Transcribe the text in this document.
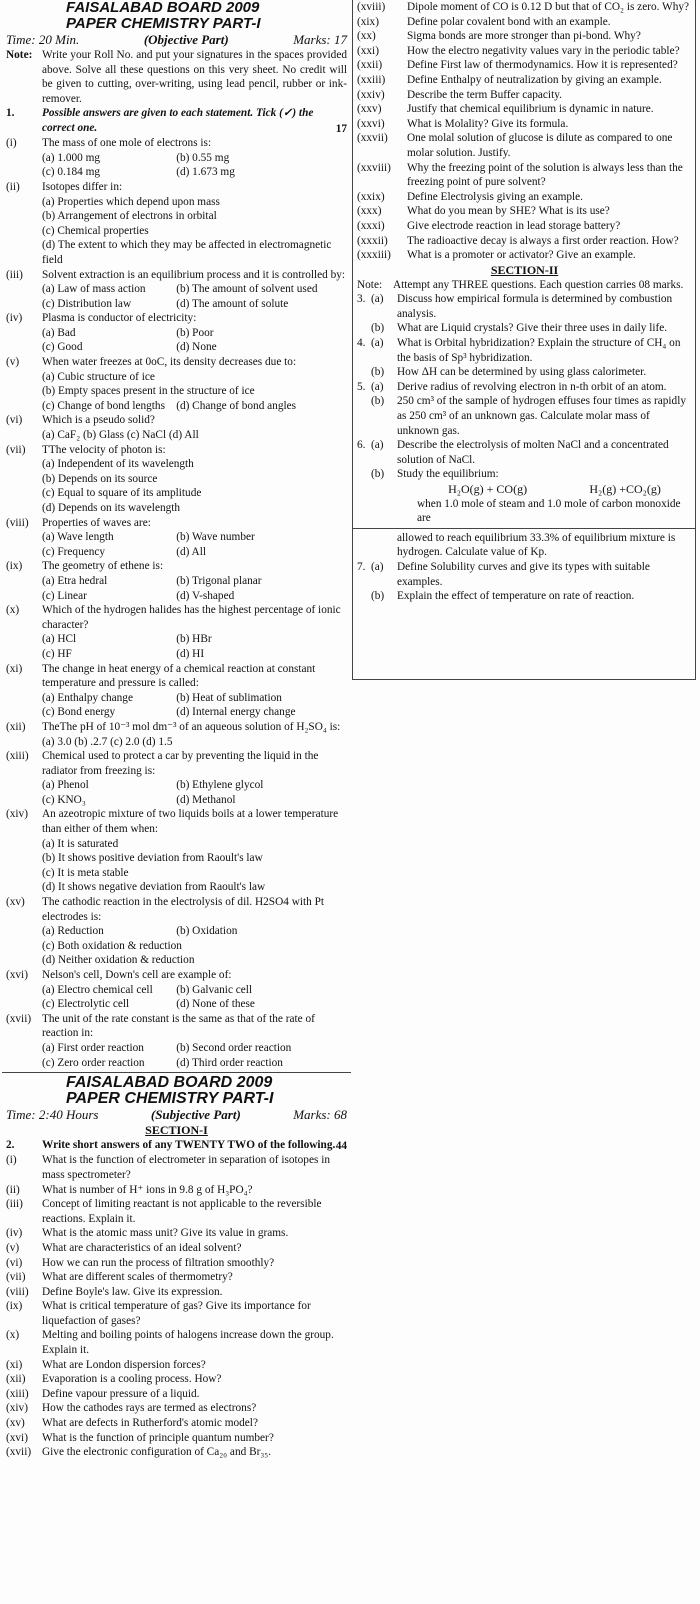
FAISALABAD BOARD 2009
PAPER CHEMISTRY PART-I
Time: 20 Min.	(Objective Part)	Marks: 17
Note: Write your Roll No. and put your signatures in the spaces provided above. Solve all these questions on this very sheet. No credit will be given to cutting, over-writing, using lead pencil, rubber or ink-remover.
1.	Possible answers are given to each statement. Tick (✓) the correct one.	17
(i)	The mass of one mole of electrons is:
(a) 1.000 mg	(b) 0.55 mg
(c) 0.184 mg	(d) 1.673 mg
(ii)	Isotopes differ in:
(a) Properties which depend upon mass
(b) Arrangement of electrons in orbital
(c) Chemical properties
(d) The extent to which they may be affected in electromagnetic field
(iii)	Solvent extraction is an equilibrium process and it is controlled by:
(a) Law of mass action	(b) The amount of solvent used
(c) Distribution law	(d) The amount of solute
(iv)	Plasma is conductor of electricity:
(a) Bad	(b) Poor
(c) Good	(d) None
(v)	When water freezes at 0oC, its density decreases due to:
(a) Cubic structure of ice
(b) Empty spaces present in the structure of ice
(c) Change of bond lengths (d) Change of bond angles
(vi)	Which is a pseudo solid?
(a) CaF₂ (b) Glass (c) NaCl (d) All
(vii)	TThe velocity of photon is:
(a) Independent of its wavelength
(b) Depends on its source
(c) Equal to square of its amplitude
(d) Depends on its wavelength
(viii)	Properties of waves are:
(a) Wave length	(b) Wave number
(c) Frequency	(d) All
(ix)	The geometry of ethene is:
(a) Etra hedral	(b) Trigonal planar
(c) Linear	(d) V-shaped
(x)	Which of the hydrogen halides has the highest percentage of ionic character?
(a) HCl	(b) HBr
(c) HF	(d) HI
(xi)	The change in heat energy of a chemical reaction at constant temperature and pressure is called:
(a) Enthalpy change	(b) Heat of sublimation
(c) Bond energy	(d) Internal energy change
(xii)	TheThe pH of 10⁻³ mol dm⁻³ of an aqueous solution of H₂SO₄ is:
(a) 3.0 (b) .2.7 (c) 2.0 (d) 1.5
(xiii)	Chemical used to protect a car by preventing the liquid in the radiator from freezing is:
(a) Phenol	(b) Ethylene glycol
(c) KNO₃	(d) Methanol
(xiv)	An azeotropic mixture of two liquids boils at a lower temperature than either of them when:
(a) It is saturated
(b) It shows positive deviation from Raoult's law
(c) It is meta stable
(d) It shows negative deviation from Raoult's law
(xv)	The cathodic reaction in the electrolysis of dil. H2SO4 with Pt electrodes is:
(a) Reduction	(b) Oxidation
(c) Both oxidation & reduction
(d) Neither oxidation & reduction
(xvi)	Nelson's cell, Down's cell are example of:
(a) Electro chemical cell	(b) Galvanic cell
(c) Electrolytic cell	(d) None of these
(xvii) The unit of the rate constant is the same as that of the rate of reaction in:
(a) First order reaction	(b) Second order reaction
(c) Zero order reaction	(d) Third order reaction
FAISALABAD BOARD 2009
PAPER CHEMISTRY PART-I
Time: 2:40 Hours	(Subjective Part)	Marks: 68
SECTION-I
2.	Write short answers of any TWENTY TWO of the following. 44
(i)	What is the function of electrometer in separation of isotopes in mass spectrometer?
(ii)	What is number of H⁺ ions in 9.8 g of H₃PO₄?
(iii)	Concept of limiting reactant is not applicable to the reversible reactions. Explain it.
(iv)	What is the atomic mass unit? Give its value in grams.
(v)	What are characteristics of an ideal solvent?
(vi)	How we can run the process of filtration smoothly?
(vii)	What are different scales of thermometry?
(viii)	Define Boyle's law. Give its expression.
(ix)	What is critical temperature of gas? Give its importance for liquefaction of gases?
(x)	Melting and boiling points of halogens increase down the group. Explain it.
(xi)	What are London dispersion forces?
(xii)	Evaporation is a cooling process. How?
(xiii)	Define vapour pressure of a liquid.
(xiv)	How the cathodes rays are termed as electrons?
(xv)	What are defects in Rutherford's atomic model?
(xvi)	What is the function of principle quantum number?
(xvii) Give the electronic configuration of Ca₂₀ and Br₃₅.
(xviii)	Dipole moment of CO is 0.12 D but that of CO₂ is zero. Why?
(xix)	Define polar covalent bond with an example.
(xx)	Sigma bonds are more stronger than pi-bond. Why?
(xxi)	How the electro negativity values vary in the periodic table?
(xxii)	Define First law of thermodynamics. How it is represented?
(xxiii)	Define Enthalpy of neutralization by giving an example.
(xxiv)	Describe the term Buffer capacity.
(xxv)	Justify that chemical equilibrium is dynamic in nature.
(xxvi)	What is Molality? Give its formula.
(xxvii)	One molal solution of glucose is dilute as compared to one molar solution. Justify.
(xxviii)	Why the freezing point of the solution is always less than the freezing point of pure solvent?
(xxix)	Define Electrolysis giving an example.
(xxx)	What do you mean by SHE? What is its use?
(xxxi)	Give electrode reaction in lead storage battery?
(xxxii)	The radioactive decay is always a first order reaction. How?
(xxxiii)	What is a promoter or activator? Give an example.
SECTION-II
Note: Attempt any THREE questions. Each question carries 08 marks.
3. (a)	Discuss how empirical formula is determined by combustion analysis.
(b)	What are Liquid crystals? Give their three uses in daily life.
4. (a)	What is Orbital hybridization? Explain the structure of CH₄ on the basis of Sp³ hybridization.
(b)	How ΔH can be determined by using glass calorimeter.
5. (a)	Derive radius of revolving electron in n-th orbit of an atom.
(b)	250 cm³ of the sample of hydrogen effuses four times as rapidly as 250 cm³ of an unknown gas. Calculate molar mass of unknown gas.
6. (a)	Describe the electrolysis of molten NaCl and a concentrated solution of NaCl.
(b)	Study the equilibrium:
H₂O(g) + CO(g)	H₂(g) +CO₂(g)
when 1.0 mole of steam and 1.0 mole of carbon monoxide are
allowed to reach equilibrium 33.3% of equilibrium mixture is hydrogen. Calculate value of Kp.
7. (a)	Define Solubility curves and give its types with suitable examples.
(b)	Explain the effect of temperature on rate of reaction.
